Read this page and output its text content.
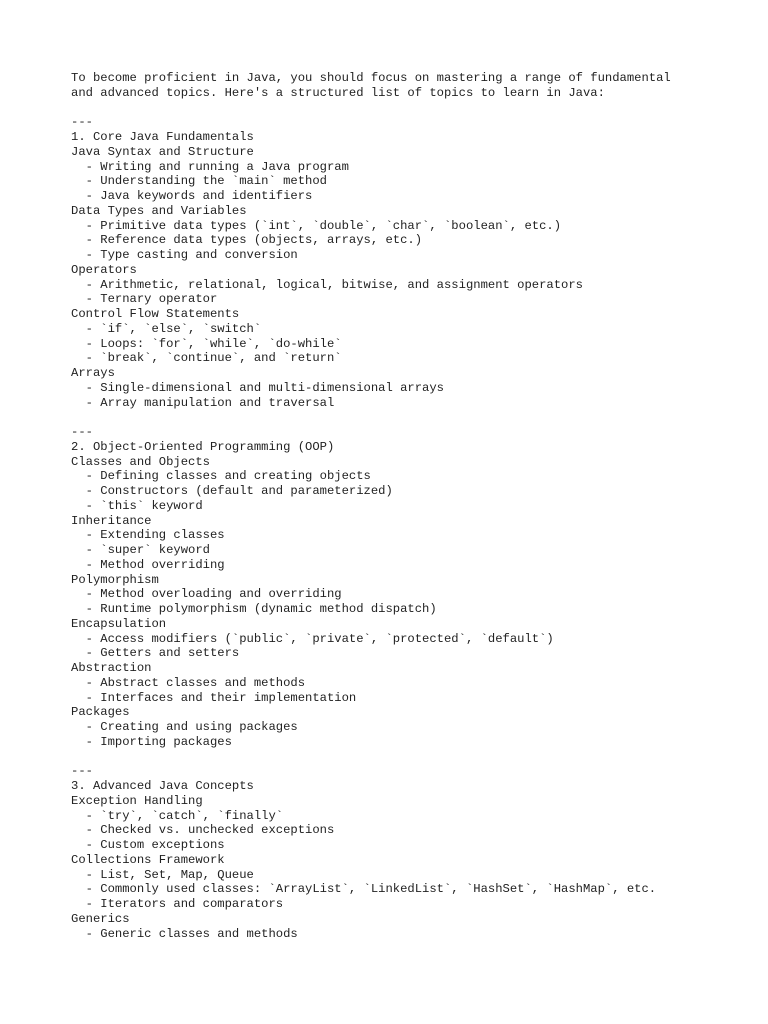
To become proficient in Java, you should focus on mastering a range of fundamental
and advanced topics. Here's a structured list of topics to learn in Java:
---
1. Core Java Fundamentals
Java Syntax and Structure
- Writing and running a Java program
- Understanding the `main` method
- Java keywords and identifiers
Data Types and Variables
- Primitive data types (`int`, `double`, `char`, `boolean`, etc.)
- Reference data types (objects, arrays, etc.)
- Type casting and conversion
Operators
- Arithmetic, relational, logical, bitwise, and assignment operators
- Ternary operator
Control Flow Statements
- `if`, `else`, `switch`
- Loops: `for`, `while`, `do-while`
- `break`, `continue`, and `return`
Arrays
- Single-dimensional and multi-dimensional arrays
- Array manipulation and traversal
---
2. Object-Oriented Programming (OOP)
Classes and Objects
- Defining classes and creating objects
- Constructors (default and parameterized)
- `this` keyword
Inheritance
- Extending classes
- `super` keyword
- Method overriding
Polymorphism
- Method overloading and overriding
- Runtime polymorphism (dynamic method dispatch)
Encapsulation
- Access modifiers (`public`, `private`, `protected`, `default`)
- Getters and setters
Abstraction
- Abstract classes and methods
- Interfaces and their implementation
Packages
- Creating and using packages
- Importing packages
---
3. Advanced Java Concepts
Exception Handling
- `try`, `catch`, `finally`
- Checked vs. unchecked exceptions
- Custom exceptions
Collections Framework
- List, Set, Map, Queue
- Commonly used classes: `ArrayList`, `LinkedList`, `HashSet`, `HashMap`, etc.
- Iterators and comparators
Generics
- Generic classes and methods
